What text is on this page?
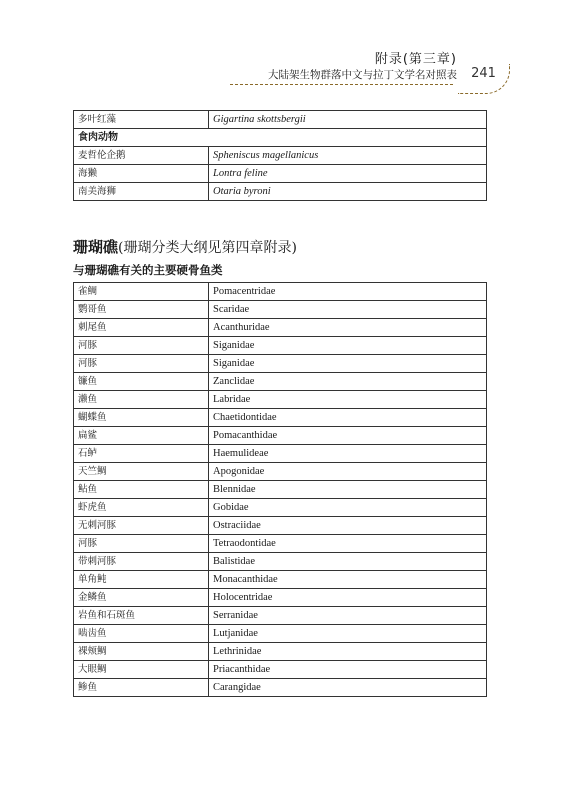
附录(第三章)
大陆架生物群落中文与拉丁文学名对照表	241
多叶红藻	Gigartina skottsbergii
食肉动物	
麦哲伦企鹅	Spheniscus magellanicus
海獭	Lontra feline
南美海狮	Otaria byroni
珊瑚礁(珊瑚分类大纲见第四章附录)
与珊瑚礁有关的主要硬骨鱼类
雀鲷	Pomacentridae
鹦哥鱼	Scaridae
刺尾鱼	Acanthuridae
河豚	Siganidae
河豚	Siganidae
镰鱼	Zanclidae
濑鱼	Labridae
蝴蝶鱼	Chaetidontidae
扁鲨	Pomacanthidae
石鲈	Haemulideae
天竺鲷	Apogonidae
鲇鱼	Blennidae
虾虎鱼	Gobidae
无刺河豚	Ostraciidae
河豚	Tetraodontidae
带刺河豚	Balistidae
单角鲀	Monacanthidae
金鳞鱼	Holocentridae
岩鱼和石斑鱼	Serranidae
啮齿鱼	Lutjanidae
裸颊鲷	Lethrinidae
大眼鲷	Priacanthidae
鲹鱼	Carangidae
